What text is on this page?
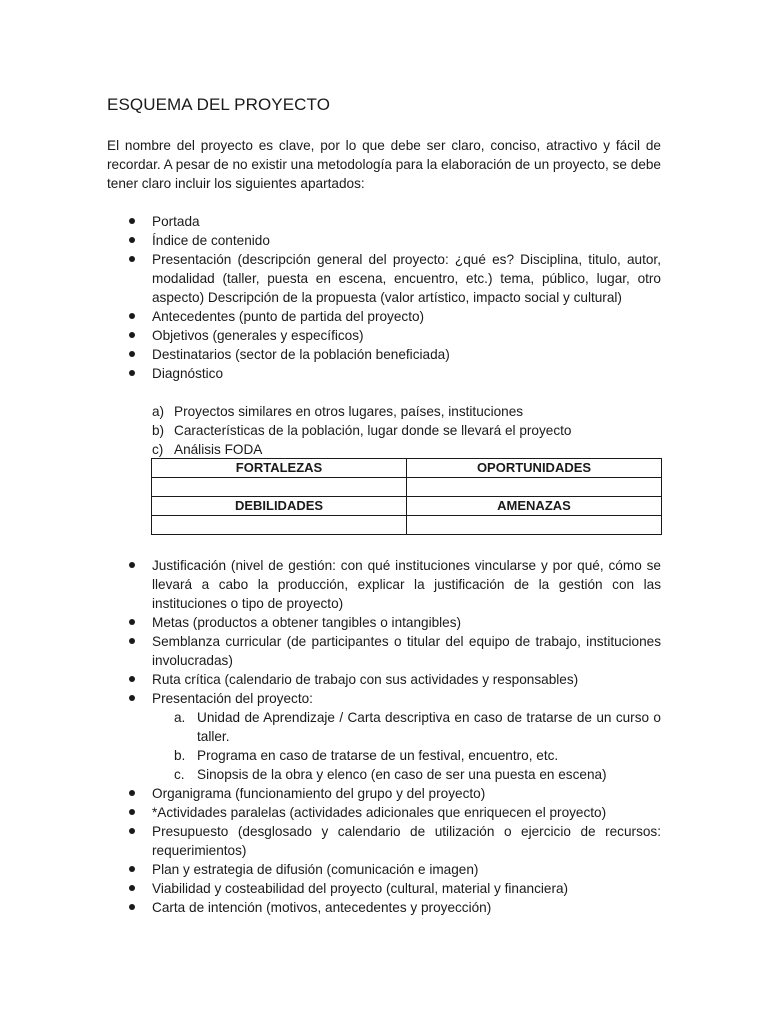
ESQUEMA DEL PROYECTO

El nombre del proyecto es clave, por lo que debe ser claro, conciso, atractivo y fácil de recordar. A pesar de no existir una metodología para la elaboración de un proyecto, se debe tener claro incluir los siguientes apartados:

Portada
Índice de contenido
Presentación (descripción general del proyecto: ¿qué es? Disciplina, titulo, autor, modalidad (taller, puesta en escena, encuentro, etc.) tema, público, lugar, otro aspecto) Descripción de la propuesta (valor artístico, impacto social y cultural)
Antecedentes (punto de partida del proyecto)
Objetivos (generales y específicos)
Destinatarios (sector de la población beneficiada)
Diagnóstico
a) Proyectos similares en otros lugares, países, instituciones
b) Características de la población, lugar donde se llevará el proyecto
c) Análisis FODA
FORTALEZAS	OPORTUNIDADES

DEBILIDADES	AMENAZAS

Justificación (nivel de gestión: con qué instituciones vincularse y por qué, cómo se llevará a cabo la producción, explicar la justificación de la gestión con las instituciones o tipo de proyecto)
Metas (productos a obtener tangibles o intangibles)
Semblanza curricular (de participantes o titular del equipo de trabajo, instituciones involucradas)
Ruta crítica (calendario de trabajo con sus actividades y responsables)
Presentación del proyecto:
a. Unidad de Aprendizaje / Carta descriptiva en caso de tratarse de un curso o taller.
b. Programa en caso de tratarse de un festival, encuentro, etc.
c. Sinopsis de la obra y elenco (en caso de ser una puesta en escena)
Organigrama (funcionamiento del grupo y del proyecto)
*Actividades paralelas (actividades adicionales que enriquecen el proyecto)
Presupuesto (desglosado y calendario de utilización o ejercicio de recursos: requerimientos)
Plan y estrategia de difusión (comunicación e imagen)
Viabilidad y costeabilidad del proyecto (cultural, material y financiera)
Carta de intención (motivos, antecedentes y proyección)
